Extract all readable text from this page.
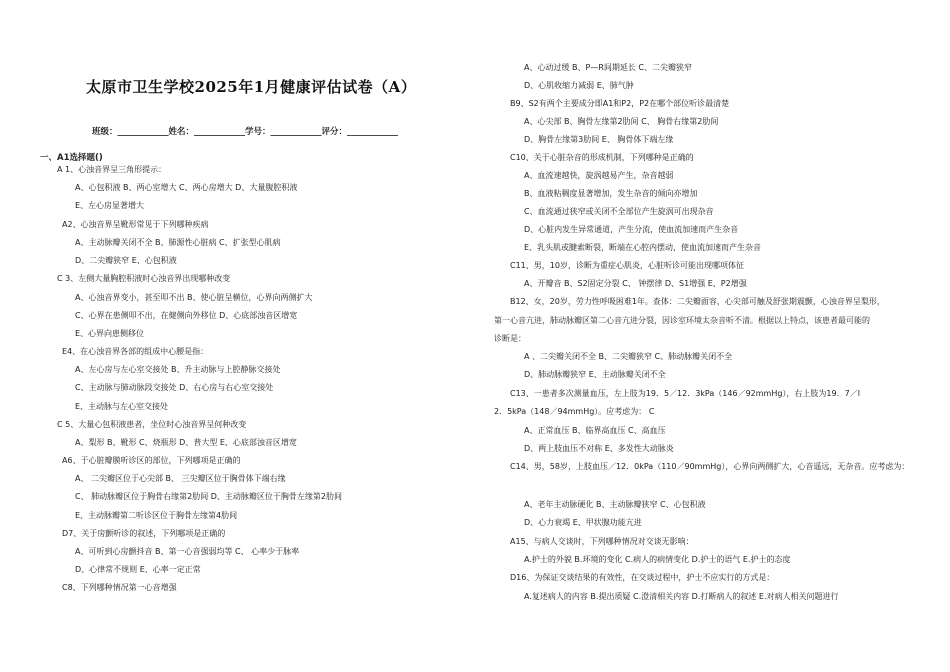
太原市卫生学校2025年1月健康评估试卷（A）
班级：____________姓名：____________学号：____________评分：____________
一、A1选择题()
A 1、心浊音界呈三角形提示：
A、心包积液 B、两心室增大 C、两心房增大 D、大量腹腔积液
E、左心房显著增大
A2、心浊音界呈靴形常见于下列哪种疾病
A、主动脉瓣关闭不全 B、肺源性心脏病 C、扩张型心肌病
D、二尖瓣狭窄 E、心包积液
C 3、左侧大量胸腔积液时心浊音界出现哪种改变
A、心浊音界变小，甚至叩不出 B、使心脏呈横位，心界向两侧扩大
C、心界在患侧叩不出，在健侧向外移位 D、心底部浊音区增宽
E、心界向患侧移位
E4、在心浊音界各部的组成中心腰是指：
A、左心房与左心室交接处 B、升主动脉与上腔静脉交接处
C、主动脉与肺动脉段交接处 D、右心房与右心室交接处
E、主动脉与左心室交接处
C 5、大量心包积液患者，坐位时心浊音界呈何种改变
A、梨形 B、靴形 C、烧瓶形 D、普大型 E、心底部浊音区增宽
A6、于心脏瓣膜听诊区的部位，下列哪项是正确的
A、 二尖瓣区位于心尖部 B、 三尖瓣区位于胸骨体下端右缘
C、 肺动脉瓣区位于胸骨右缘第2肋间 D、主动脉瓣区位于胸骨左缘第2肋间
E、主动脉瓣第二听诊区位于胸骨左缘第4肋间
D7、关于房颤听诊的叙述，下列哪项是正确的
A、可听到心房颤抖音 B、第一心音强弱均等 C、 心率少于脉率
D、心律常不规则 E、心率一定正常
C8、下列哪种情况第一心音增强
A、心动过缓 B、P—R间期延长 C、二尖瓣狭窄
D、心肌收缩力减弱 E、肺气肿
B9、S2有两个主要成分即A1和P2，P2在哪个部位听诊最清楚
A、心尖部 B、胸骨左缘第2肋间 C、 胸骨右缘第2肋间
D、胸骨左缘第3肋间 E、 胸骨体下端左缘
C10、关于心脏杂音的形成机制，下列哪种是正确的
A、血流速越快，旋涡越易产生，杂音越弱
B、血液粘稠度显著增加，发生杂音的倾向亦增加
C、血流通过狭窄或关闭不全部位产生旋涡可出现杂音
D、心脏内发生异常通道，产生分流，使血流加速而产生杂音
E、乳头肌或腱索断裂，断端在心腔内摆动，使血流加速而产生杂音
C11、男，10岁，诊断为重症心肌炎，心脏听诊可能出现哪项体征
A、开瓣音 B、S2固定分裂 C、 钟摆律 D、S1增强 E、P2增强
B12、女，20岁，劳力性呼吸困难1年。查体：二尖瓣面容，心尖部可触及舒张期震颤，心浊音界呈梨形，
第一心音亢进，肺动脉瓣区第二心音亢进分裂，因诊室环境太杂音听不清。根据以上特点，该患者最可能的
诊断是：
A 、二尖瓣关闭不全 B、二尖瓣狭窄 C、肺动脉瓣关闭不全
D、肺动脉瓣狭窄 E、主动脉瓣关闭不全
C13、一患者多次测量血压，左上肢为19．5／12．3kPa（146／92mmHg），右上肢为19．7／l
2．5kPa（148／94mmHg）。应考虑为： C
A、正常血压 B、临界高血压 C、高血压
D、两上肢血压不对称 E、多发性大动脉炎
C14、男，58岁，上肢血压／12．0kPa（110／90mmHg），心界向两侧扩大，心音遥远，无杂音。应考虑为：
A、老年主动脉硬化 B、主动脉瓣狭窄 C、心包积液
D、心力衰竭 E、甲状腺功能亢进
A15、与病人交谈时，下列哪种情况对交谈无影响：
A.护士的外貌 B.环境的变化 C.病人的病情变化 D.护士的语气 E.护士的态度
D16、为保证交谈结果的有效性，在交谈过程中，护士不应实行的方式是：
A.复述病人的内容 B.提出质疑 C.澄清相关内容 D.打断病人的叙述 E.对病人相关问题进行
